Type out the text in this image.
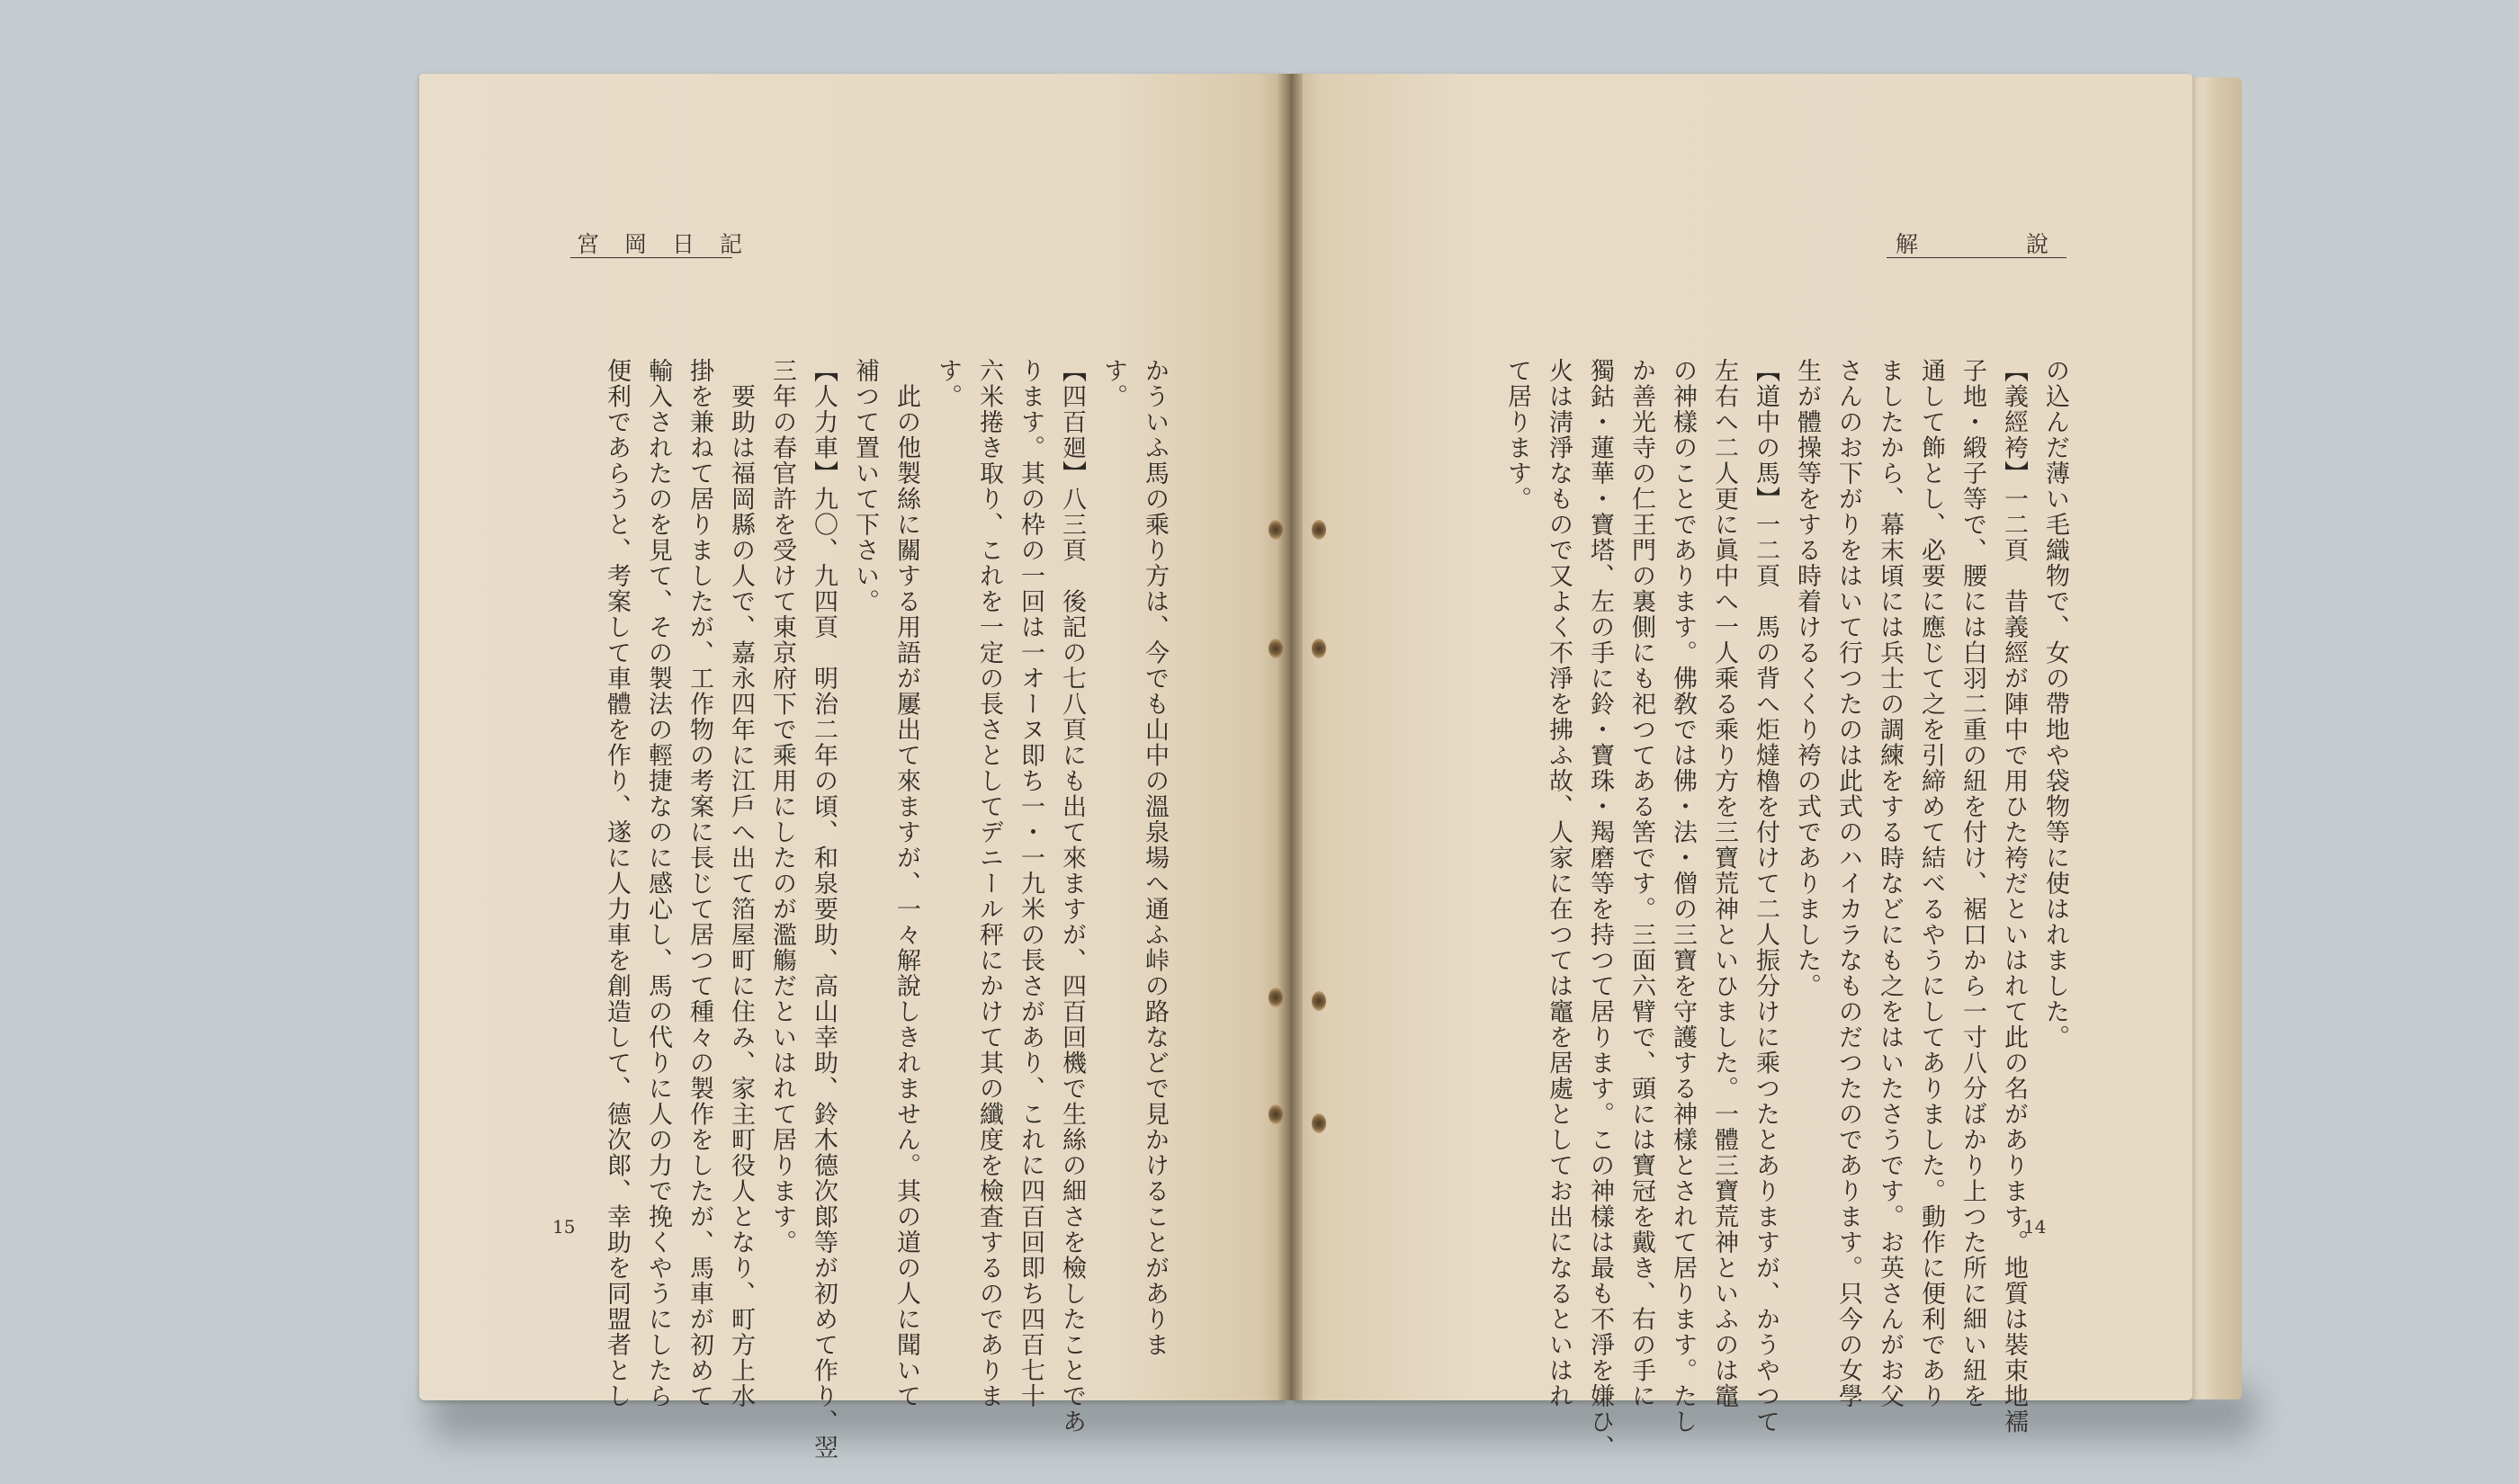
宮岡日記
かういふ馬の乘り方は、今でも山中の溫泉場へ通ふ峠の路などで見かけることがありま
す。
【四百廻】八三頁　後記の七八頁にも出て來ますが、四百回機で生絲の細さを檢したことであ
ります。其の枠の一回は一オーヌ即ち一・一九米の長さがあり、これに四百回即ち四百七十
六米捲き取り、これを一定の長さとしてデニール秤にかけて其の纖度を檢査するのでありま
す。
　此の他製絲に關する用語が屢出て來ますが、一々解說しきれません。其の道の人に聞いて
補つて置いて下さい。
【人力車】九〇、九四頁　明治二年の頃、和泉要助、高山幸助、鈴木德次郞等が初めて作り、翌
三年の春官許を受けて東京府下で乘用にしたのが濫觴だといはれて居ります。
　要助は福岡縣の人で、嘉永四年に江戶へ出て箔屋町に住み、家主町役人となり、町方上水
掛を兼ねて居りましたが、工作物の考案に長じて居つて種々の製作をしたが、馬車が初めて
輸入されたのを見て、その製法の輕捷なのに感心し、馬の代りに人の力で挽くやうにしたら
便利であらうと、考案して車體を作り、遂に人力車を創造して、德次郞、幸助を同盟者とし
15
解說
の込んだ薄い毛織物で、女の帶地や袋物等に使はれました。
【義經袴】一二頁　昔義經が陣中で用ひた袴だといはれて此の名があります。地質は裝束地襦
子地・緞子等で、腰には白羽二重の紐を付け、裾口から一寸八分ばかり上つた所に細い紐を
通して飾とし、必要に應じて之を引締めて結べるやうにしてありました。動作に便利であり
ましたから、幕末頃には兵士の調練をする時などにも之をはいたさうです。お英さんがお父
さんのお下がりをはいて行つたのは此式のハイカラなものだつたのであります。只今の女學
生が體操等をする時着けるくくり袴の式でありました。
【道中の馬】一二頁　馬の背へ炬燵櫓を付けて二人振分けに乘つたとありますが、かうやつて
左右へ二人更に眞中へ一人乘る乘り方を三寶荒神といひました。一體三寶荒神といふのは竈
の神樣のことであります。佛敎では佛・法・僧の三寶を守護する神樣とされて居ります。たし
か善光寺の仁王門の裏側にも祀つてある筈です。三面六臂で、頭には寶冠を戴き、右の手に
獨鈷・蓮華・寶塔、左の手に鈴・寶珠・羯磨等を持つて居ります。この神樣は最も不淨を嫌ひ、
火は淸淨なもので又よく不淨を拂ふ故、人家に在つては竈を居處としてお出になるといはれ
て居ります。
14
